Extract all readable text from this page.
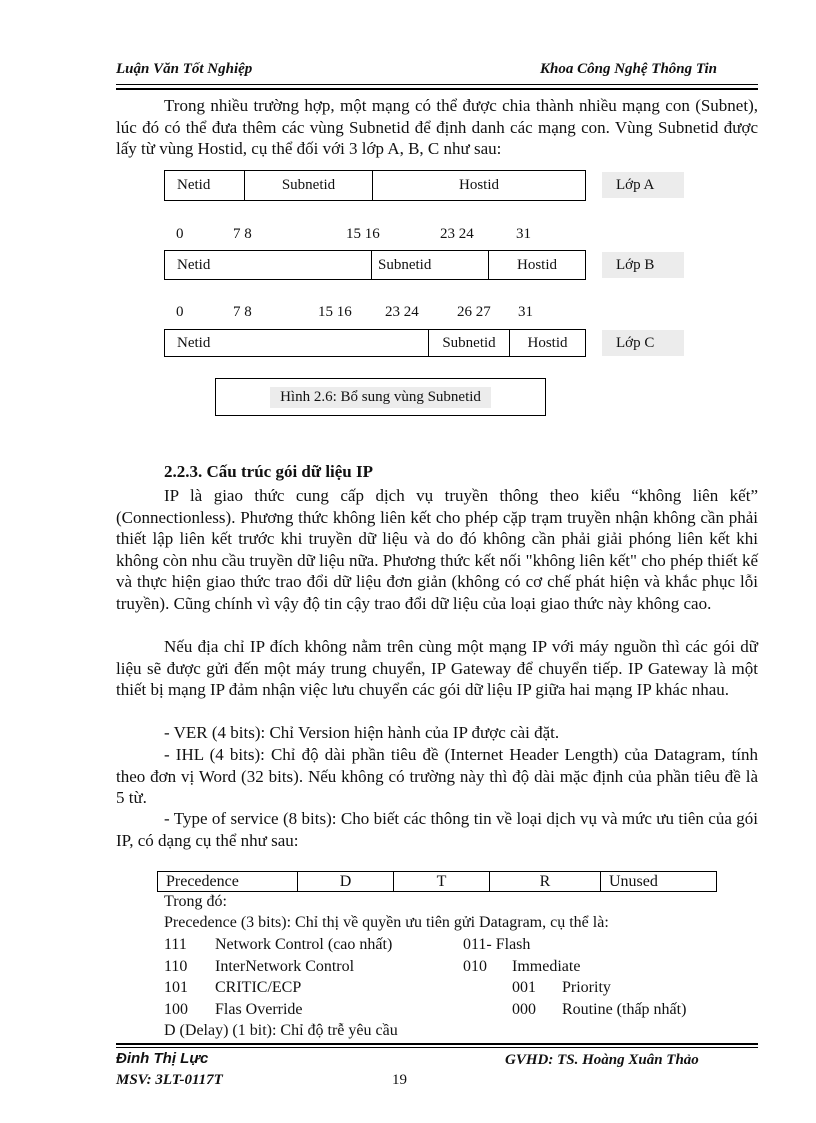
Luận Văn Tốt Nghiệp	Khoa Công Nghệ Thông Tin
Trong nhiều trường hợp, một mạng có thể được chia thành nhiều mạng con (Subnet), lúc đó có thể đưa thêm các vùng Subnetid để định danh các mạng con. Vùng Subnetid được lấy từ vùng Hostid, cụ thể đối với 3 lớp A, B, C như sau:
Netid	Subnetid	Hostid	Lớp A
0	7 8	15 16	23 24	31
Netid	Subnetid	Hostid	Lớp B
0	7 8	15 16 23 24	26 27 31
Netid	Subnetid	Hostid	Lớp C
Hình 2.6: Bổ sung vùng Subnetid
2.2.3. Cấu trúc gói dữ liệu IP
IP là giao thức cung cấp dịch vụ truyền thông theo kiểu “không liên kết” (Connectionless). Phương thức không liên kết cho phép cặp trạm truyền nhận không cần phải thiết lập liên kết trước khi truyền dữ liệu và do đó không cần phải giải phóng liên kết khi không còn nhu cầu truyền dữ liệu nữa. Phương thức kết nối "không liên kết" cho phép thiết kế và thực hiện giao thức trao đổi dữ liệu đơn giản (không có cơ chế phát hiện và khắc phục lỗi truyền). Cũng chính vì vậy độ tin cậy trao đổi dữ liệu của loại giao thức này không cao.
Nếu địa chỉ IP đích không nằm trên cùng một mạng IP với máy nguồn thì các gói dữ liệu sẽ được gửi đến một máy trung chuyển, IP Gateway để chuyển tiếp. IP Gateway là một thiết bị mạng IP đảm nhận việc lưu chuyển các gói dữ liệu IP giữa hai mạng IP khác nhau.
- VER (4 bits): Chỉ Version hiện hành của IP được cài đặt.
- IHL (4 bits): Chỉ độ dài phần tiêu đề (Internet Header Length) của Datagram, tính theo đơn vị Word (32 bits). Nếu không có trường này thì độ dài mặc định của phần tiêu đề là 5 từ.
- Type of service (8 bits): Cho biết các thông tin về loại dịch vụ và mức ưu tiên của gói IP, có dạng cụ thể như sau:
Precedence	D	T	R	Unused
Trong đó:
Precedence (3 bits): Chỉ thị về quyền ưu tiên gửi Datagram, cụ thể là:
111 Network Control (cao nhất)	011- Flash
110 InterNetwork Control	010 Immediate
101 CRITIC/ECP	001 Priority
100 Flas Override	000 Routine (thấp nhất)
D (Delay) (1 bit): Chỉ độ trễ yêu cầu
Đinh Thị Lực	GVHD: TS. Hoàng Xuân Thảo
MSV: 3LT-0117T	19
